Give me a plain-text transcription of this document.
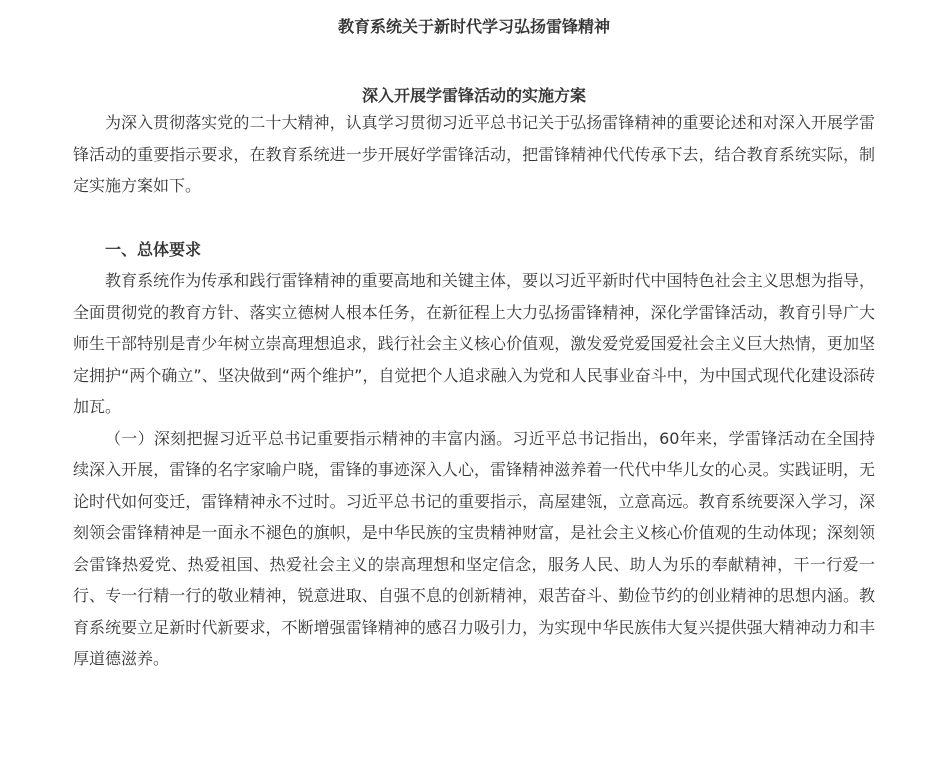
教育系统关于新时代学习弘扬雷锋精神
深入开展学雷锋活动的实施方案

为深入贯彻落实党的二十大精神，认真学习贯彻习近平总书记关于弘扬雷锋精神的重要论述和对深入开展学雷锋活动的重要指示要求，在教育系统进一步开展好学雷锋活动，把雷锋精神代代传承下去，结合教育系统实际，制定实施方案如下。

一、总体要求

教育系统作为传承和践行雷锋精神的重要高地和关键主体，要以习近平新时代中国特色社会主义思想为指导，全面贯彻党的教育方针、落实立德树人根本任务，在新征程上大力弘扬雷锋精神，深化学雷锋活动，教育引导广大师生干部特别是青少年树立崇高理想追求，践行社会主义核心价值观，激发爱党爱国爱社会主义巨大热情，更加坚定拥护“两个确立”、坚决做到“两个维护”，自觉把个人追求融入为党和人民事业奋斗中，为中国式现代化建设添砖加瓦。

（一）深刻把握习近平总书记重要指示精神的丰富内涵。习近平总书记指出，60年来，学雷锋活动在全国持续深入开展，雷锋的名字家喻户晓，雷锋的事迹深入人心，雷锋精神滋养着一代代中华儿女的心灵。实践证明，无论时代如何变迁，雷锋精神永不过时。习近平总书记的重要指示，高屋建瓴，立意高远。教育系统要深入学习，深刻领会雷锋精神是一面永不褪色的旗帜，是中华民族的宝贵精神财富，是社会主义核心价值观的生动体现；深刻领会雷锋热爱党、热爱祖国、热爱社会主义的崇高理想和坚定信念，服务人民、助人为乐的奉献精神，干一行爱一行、专一行精一行的敬业精神，锐意进取、自强不息的创新精神，艰苦奋斗、勤俭节约的创业精神的思想内涵。教育系统要立足新时代新要求，不断增强雷锋精神的感召力吸引力，为实现中华民族伟大复兴提供强大精神动力和丰厚道德滋养。
